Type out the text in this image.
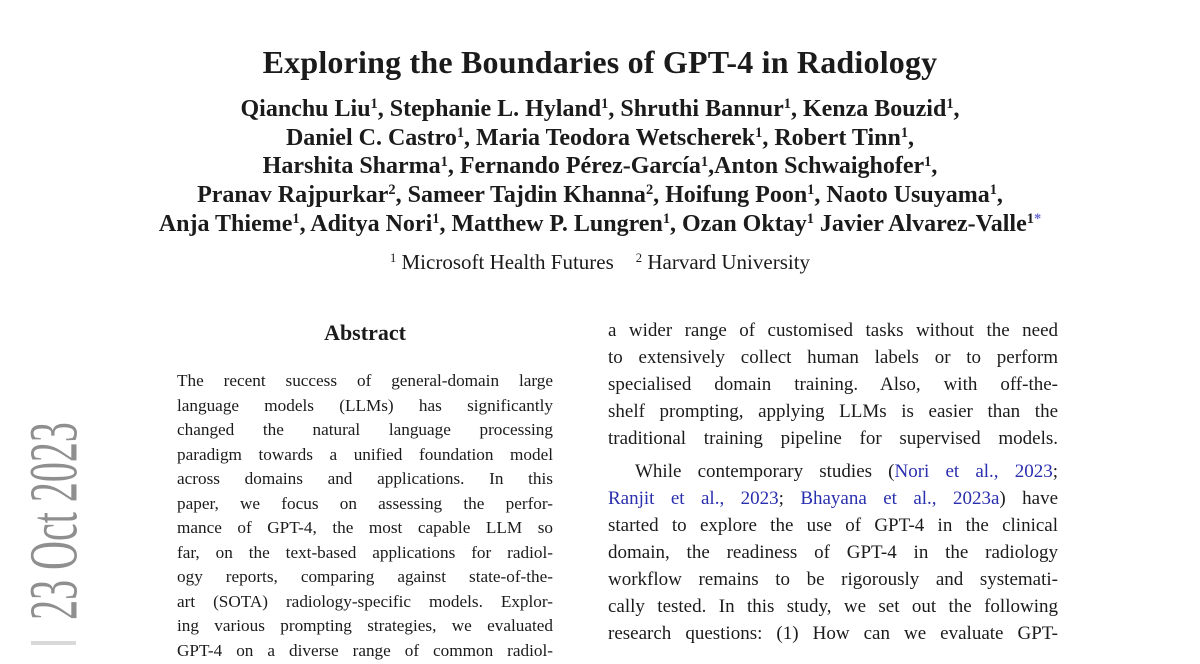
23 Oct 2023
Exploring the Boundaries of GPT-4 in Radiology
Qianchu Liu$^1$, Stephanie L. Hyland$^1$, Shruthi Bannur$^1$, Kenza Bouzid$^1$,
Daniel C. Castro$^1$, Maria Teodora Wetscherek$^1$, Robert Tinn$^1$,
Harshita Sharma$^1$, Fernando Pérez-García$^1$,Anton Schwaighofer$^1$,
Pranav Rajpurkar$^2$, Sameer Tajdin Khanna$^2$, Hoifung Poon$^1$, Naoto Usuyama$^1$,
Anja Thieme$^1$, Aditya Nori$^1$, Matthew P. Lungren$^1$, Ozan Oktay$^1$ Javier Alvarez-Valle$^{1*}$
$^1$ Microsoft Health Futures $^2$ Harvard University
Abstract
The recent success of general-domain large
language models (LLMs) has significantly
changed the natural language processing
paradigm towards a unified foundation model
across domains and applications. In this
paper, we focus on assessing the perfor-
mance of GPT-4, the most capable LLM so
far, on the text-based applications for radiol-
ogy reports, comparing against state-of-the-
art (SOTA) radiology-specific models. Explor-
ing various prompting strategies, we evaluated
GPT-4 on a diverse range of common radiol-
a wider range of customised tasks without the need
to extensively collect human labels or to perform
specialised domain training. Also, with off-the-
shelf prompting, applying LLMs is easier than the
traditional training pipeline for supervised models.
While contemporary studies (Nori et al., 2023;
Ranjit et al., 2023; Bhayana et al., 2023a) have
started to explore the use of GPT-4 in the clinical
domain, the readiness of GPT-4 in the radiology
workflow remains to be rigorously and systemati-
cally tested. In this study, we set out the following
research questions: (1) How can we evaluate GPT-
